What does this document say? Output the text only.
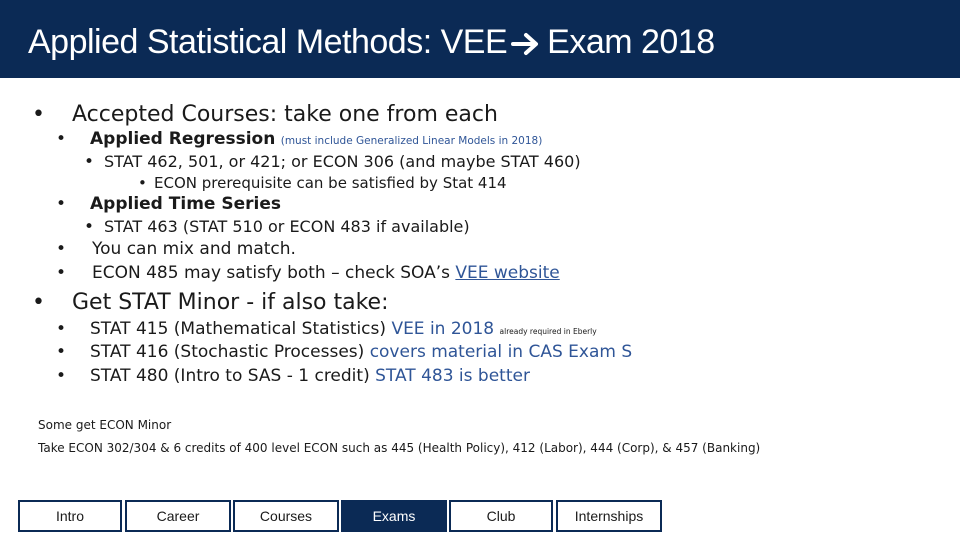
Applied Statistical Methods: VEE Exam 2018
• Accepted Courses: take one from each
• Applied Regression (must include Generalized Linear Models in 2018)
• STAT 462, 501, or 421; or ECON 306 (and maybe STAT 460)
• ECON prerequisite can be satisfied by Stat 414
• Applied Time Series
• STAT 463 (STAT 510 or ECON 483 if available)
• You can mix and match.
• ECON 485 may satisfy both – check SOA’s VEE website
• Get STAT Minor - if also take:
• STAT 415 (Mathematical Statistics) VEE in 2018 already required in Eberly
• STAT 416 (Stochastic Processes) covers material in CAS Exam S
• STAT 480 (Intro to SAS - 1 credit) STAT 483 is better
Some get ECON Minor
Take ECON 302/304 & 6 credits of 400 level ECON such as 445 (Health Policy), 412 (Labor), 444 (Corp), & 457 (Banking)
Intro	Career	Courses	Exams	Club	Internships
